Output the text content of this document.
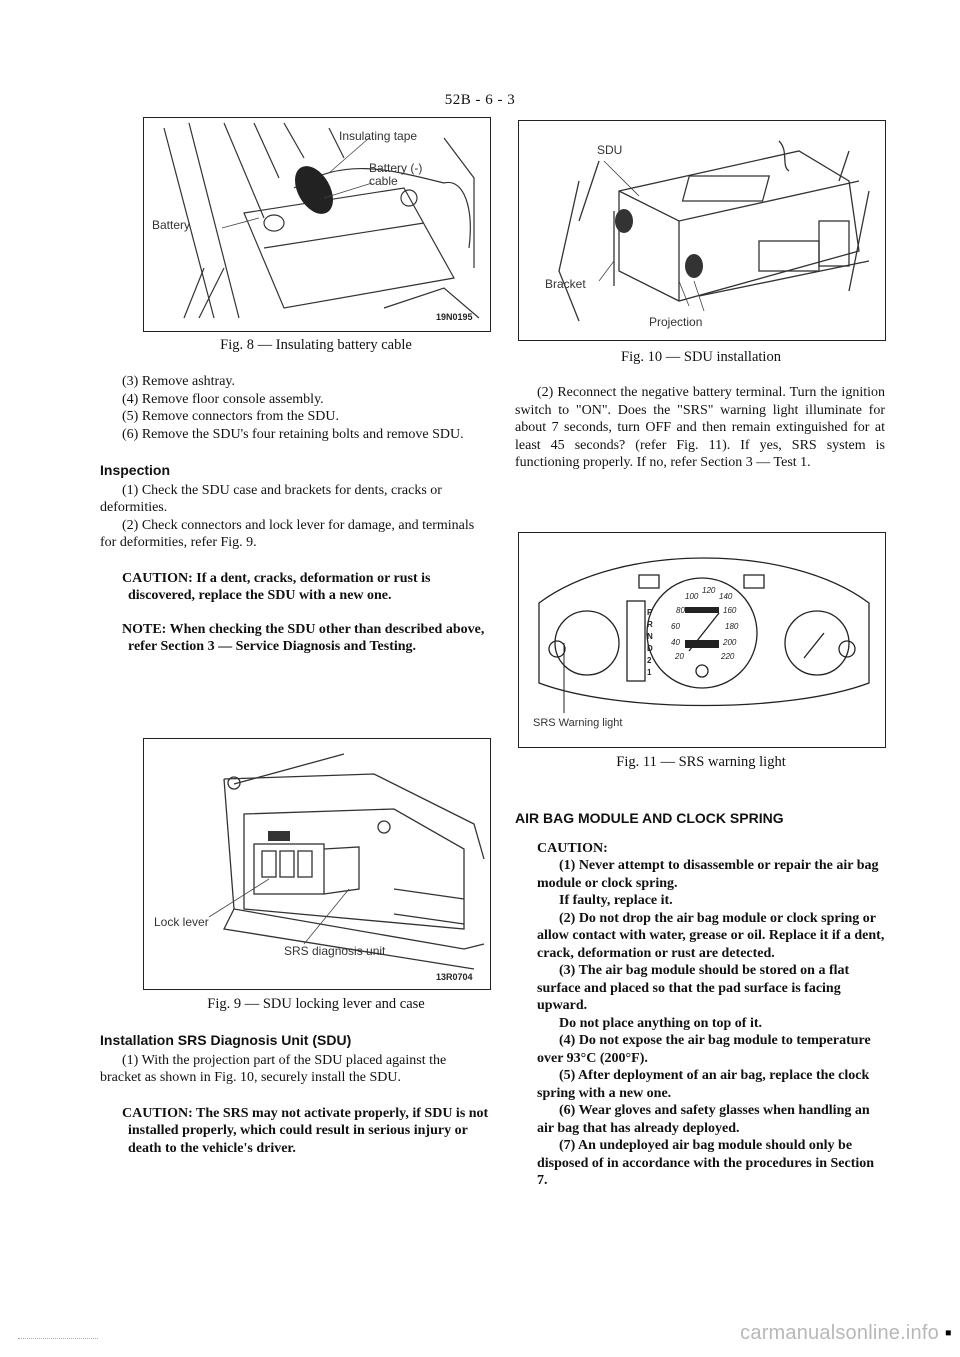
52B - 6 - 3
Insulating tape
Battery (-) cable
Battery
19N0195
Fig. 8 — Insulating battery cable

(3) Remove ashtray.

(4) Remove floor console assembly.

(5) Remove connectors from the SDU.

(6) Remove the SDU's four retaining bolts and remove SDU.

Inspection

(1) Check the SDU case and brackets for dents, cracks or deformities.

(2) Check connectors and lock lever for damage, and terminals for deformities, refer Fig. 9.

CAUTION: If a dent, cracks, deformation or rust is discovered, replace the SDU with a new one.

NOTE: When checking the SDU other than described above, refer Section 3 — Service Diagnosis and Testing.

Lock lever
SRS diagnosis unit
13R0704
Fig. 9 — SDU locking lever and case

Installation SRS Diagnosis Unit (SDU)

(1) With the projection part of the SDU placed against the bracket as shown in Fig. 10, securely install the SDU.

CAUTION: The SRS may not activate properly, if SDU is not installed properly, which could result in serious injury or death to the vehicle's driver.

SDU
Bracket
Projection
Fig. 10 — SDU installation

(2) Reconnect the negative battery terminal. Turn the ignition switch to "ON". Does the "SRS" warning light illuminate for about 7 seconds, turn OFF and then remain extinguished for at least 45 seconds? (refer Fig. 11). If yes, SRS system is functioning properly. If no, refer Section 3 — Test 1.

P
R
N
D
2
1
20
40
60
80
100
120
140
160
180
200
220
SRS Warning light
Fig. 11 — SRS warning light

AIR BAG MODULE AND CLOCK SPRING

CAUTION:

(1) Never attempt to disassemble or repair the air bag module or clock spring.

If faulty, replace it.

(2) Do not drop the air bag module or clock spring or allow contact with water, grease or oil. Replace it if a dent, crack, deformation or rust are detected.

(3) The air bag module should be stored on a flat surface and placed so that the pad surface is facing upward.

Do not place anything on top of it.

(4) Do not expose the air bag module to temperature over 93°C (200°F).

(5) After deployment of an air bag, replace the clock spring with a new one.

(6) Wear gloves and safety glasses when handling an air bag that has already deployed.

(7) An undeployed air bag module should only be disposed of in accordance with the procedures in Section 7.

carmanualsonline.info ▪
